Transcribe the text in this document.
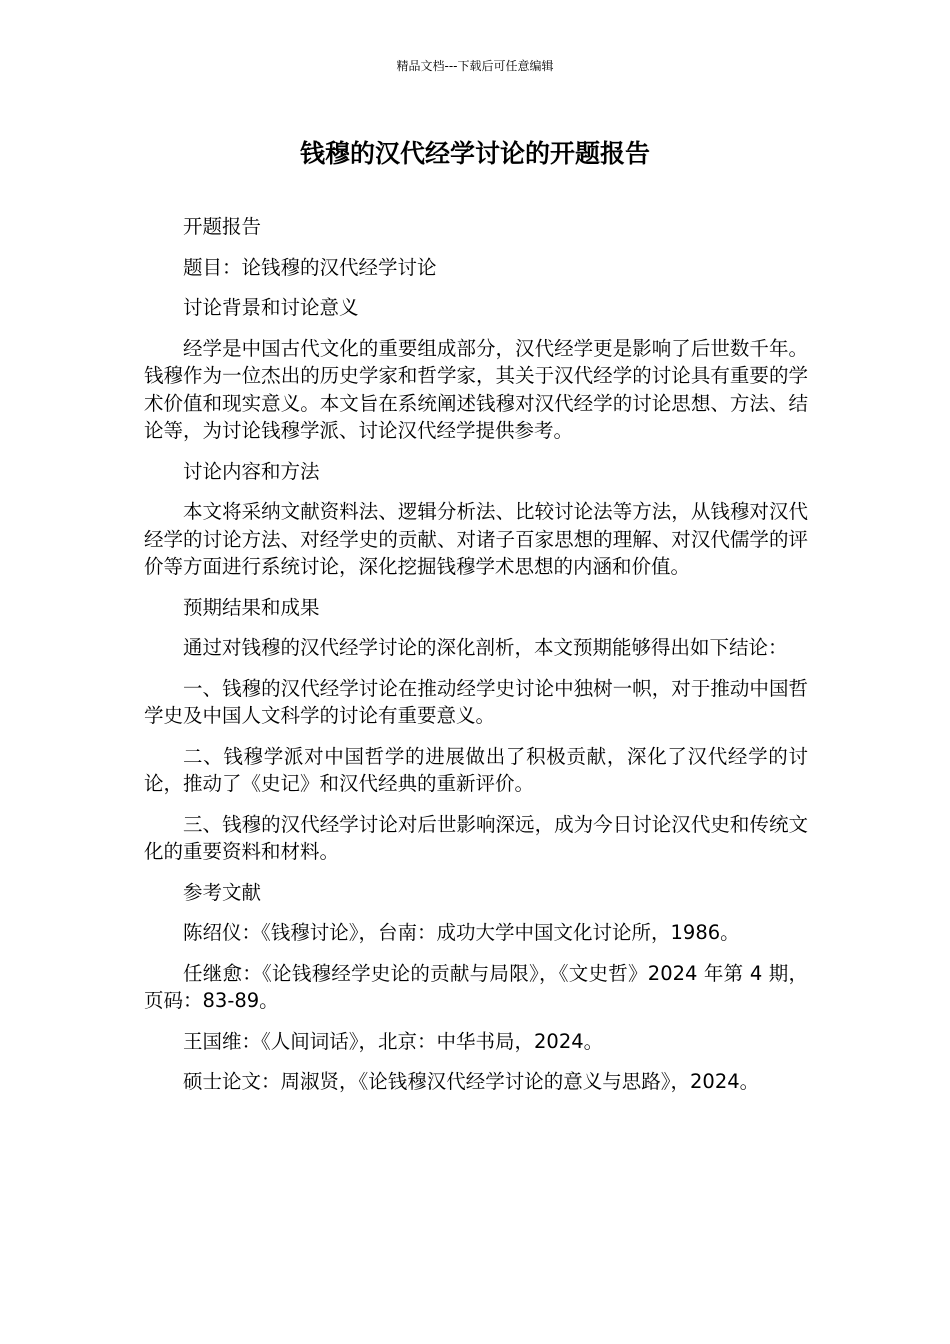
精品文档---下载后可任意编辑
钱穆的汉代经学讨论的开题报告

开题报告

题目：论钱穆的汉代经学讨论

讨论背景和讨论意义

经学是中国古代文化的重要组成部分，汉代经学更是影响了后世数千年。钱穆作为一位杰出的历史学家和哲学家，其关于汉代经学的讨论具有重要的学术价值和现实意义。本文旨在系统阐述钱穆对汉代经学的讨论思想、方法、结论等，为讨论钱穆学派、讨论汉代经学提供参考。

讨论内容和方法

本文将采纳文献资料法、逻辑分析法、比较讨论法等方法，从钱穆对汉代经学的讨论方法、对经学史的贡献、对诸子百家思想的理解、对汉代儒学的评价等方面进行系统讨论，深化挖掘钱穆学术思想的内涵和价值。

预期结果和成果

通过对钱穆的汉代经学讨论的深化剖析，本文预期能够得出如下结论：

一、钱穆的汉代经学讨论在推动经学史讨论中独树一帜，对于推动中国哲学史及中国人文科学的讨论有重要意义。

二、钱穆学派对中国哲学的进展做出了积极贡献，深化了汉代经学的讨论，推动了《史记》和汉代经典的重新评价。

三、钱穆的汉代经学讨论对后世影响深远，成为今日讨论汉代史和传统文化的重要资料和材料。

参考文献

陈绍仪：《钱穆讨论》，台南：成功大学中国文化讨论所，1986。

任继愈：《论钱穆经学史论的贡献与局限》，《文史哲》2024 年第 4 期，页码：83-89。

王国维：《人间词话》，北京：中华书局，2024。

硕士论文：周淑贤，《论钱穆汉代经学讨论的意义与思路》，2024。
